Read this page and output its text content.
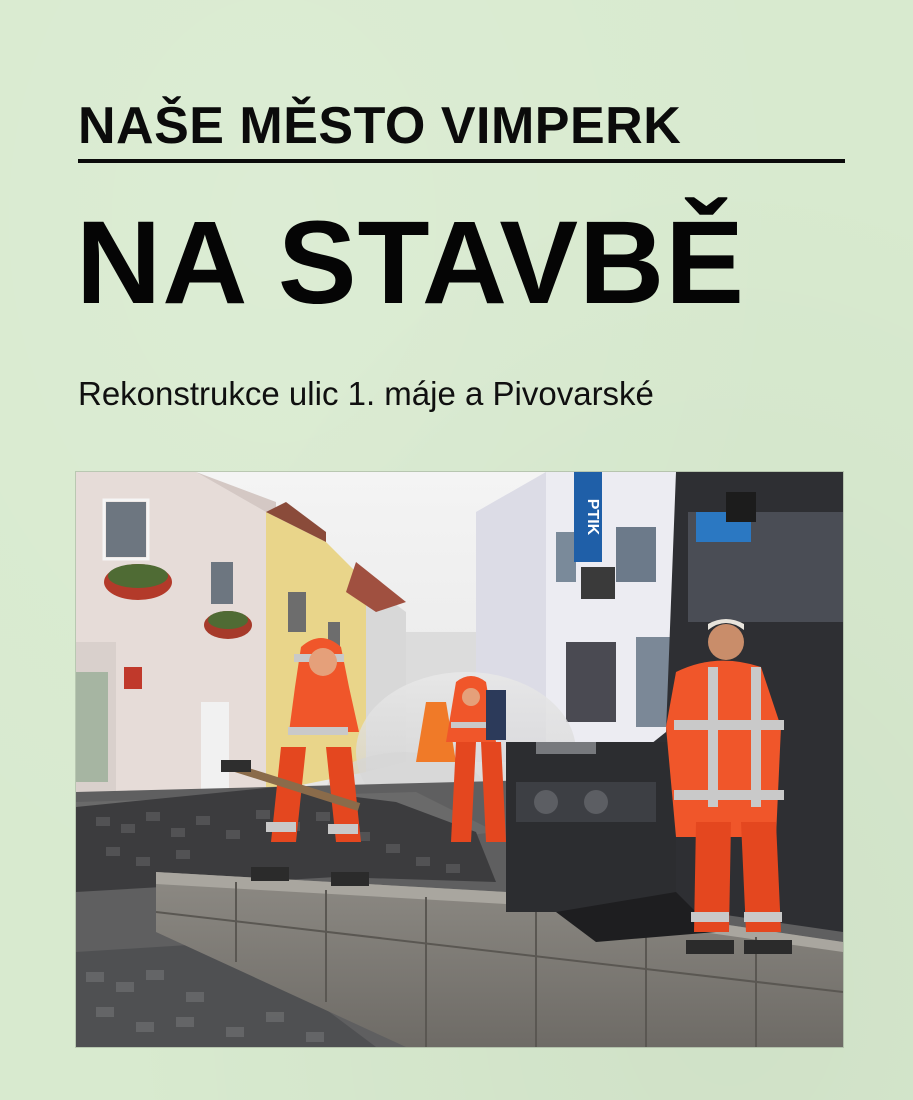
NAŠE MĚSTO VIMPERK
NA STAVBĚ

Rekonstrukce ulic 1. máje a Pivovarské

PTIK
